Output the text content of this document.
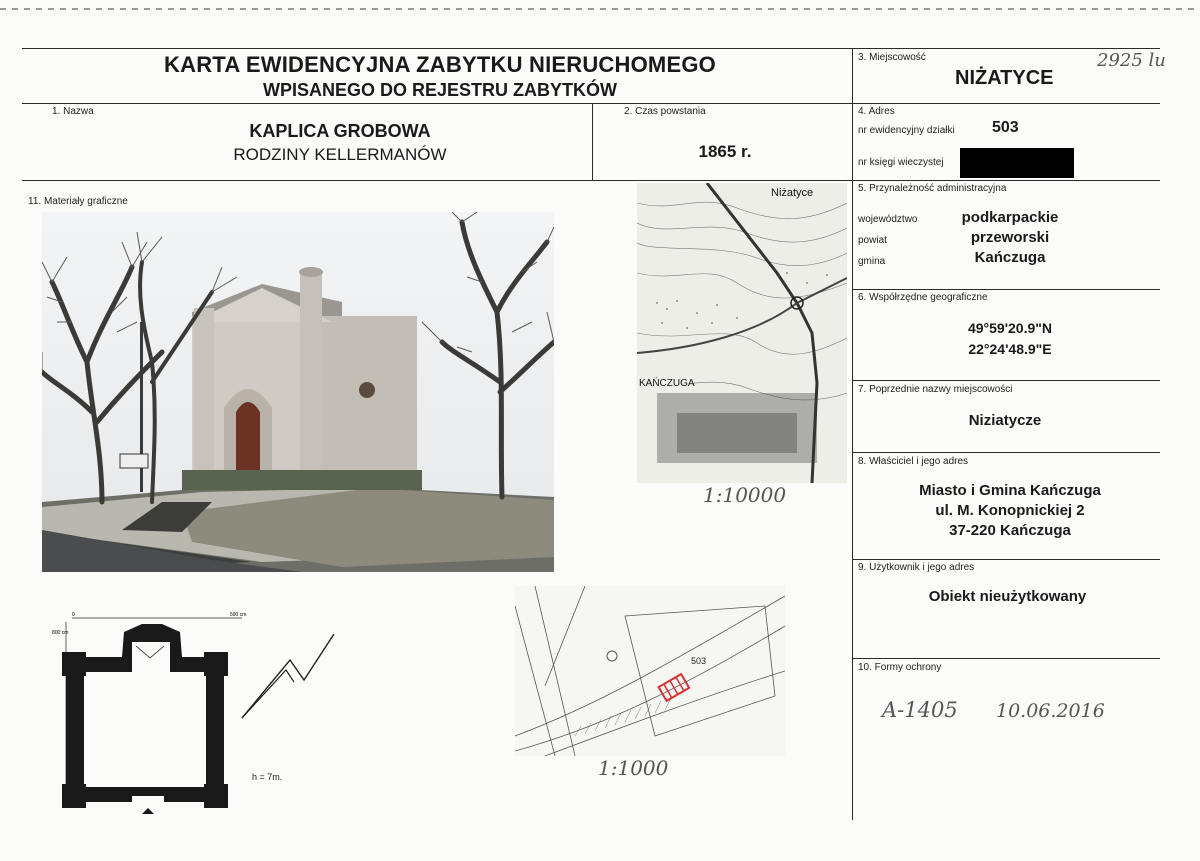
KARTA EWIDENCYJNA ZABYTKU NIERUCHOMEGO
WPISANEGO DO REJESTRU ZABYTKÓW
3. Miejscowość
NIŻATYCE
2925 lu
1. Nazwa
KAPLICA GROBOWA
RODZINY KELLERMANÓW
2. Czas powstania
1865 r.
4. Adres
nr ewidencyjny działki 503
nr księgi wieczystej
5. Przynależność administracyjna
województwo	podkarpackie
powiat	przeworski
gmina	Kańczuga
6. Współrzędne geograficzne
49°59'20.9"N
22°24'48.9"E
7. Poprzednie nazwy miejscowości
Niziatycze
8. Właściciel i jego adres
Miasto i Gmina Kańczuga
ul. M. Konopnickiej 2
37-220 Kańczuga
9. Użytkownik i jego adres
Obiekt nieużytkowany
10. Formy ochrony
A-1405 10.06.2016
11. Materiały graficzne
Niżatyce
KAŃCZUGA
1:10000
503
1:1000
0	590 cm
800 cm
h = 7m.
